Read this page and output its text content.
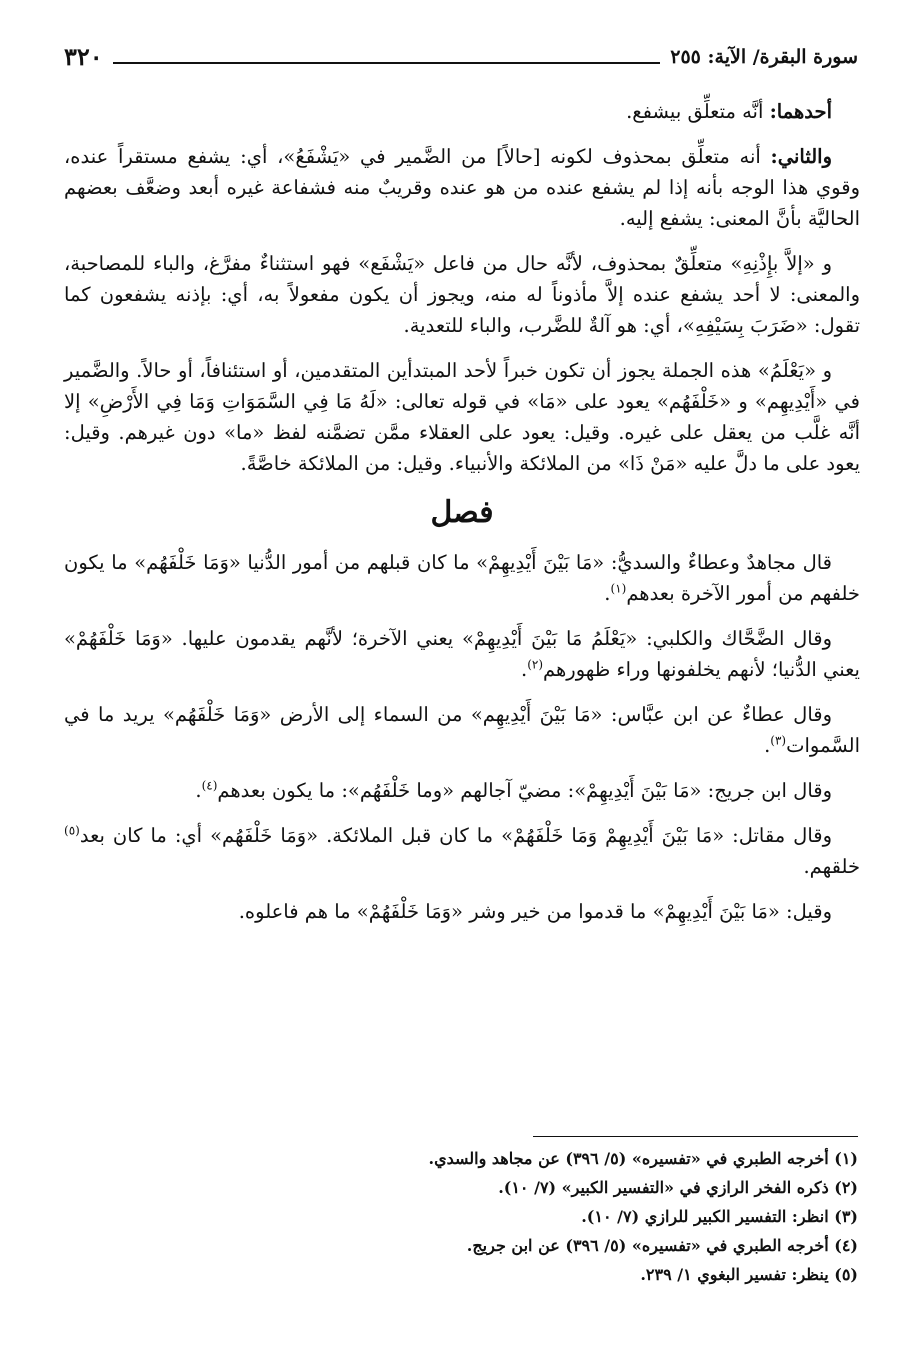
سورة البقرة/ الآية: ٢٥٥
٣٢٠

أحدهما: أنَّه متعلِّق بيشفع.

والثاني: أنه متعلِّق بمحذوف لكونه [حالاً] من الضَّمير في «يَشْفَعُ»، أي: يشفع مستقراً عنده، وقوي هذا الوجه بأنه إذا لم يشفع عنده من هو عنده وقريبٌ منه فشفاعة غيره أبعد وضعَّف بعضهم الحاليَّة بأنَّ المعنى: يشفع إليه.

و «إلاَّ بإِذْنِهِ» متعلِّقٌ بمحذوف، لأنَّه حال من فاعل «يَشْفَع» فهو استثناءٌ مفرَّغ، والباء للمصاحبة، والمعنى: لا أحد يشفع عنده إلاَّ مأذوناً له منه، ويجوز أن يكون مفعولاً به، أي: بإذنه يشفعون كما تقول: «ضَرَبَ بِسَيْفِهِ»، أي: هو آلةٌ للضَّرب، والباء للتعدية.

و «يَعْلَمُ» هذه الجملة يجوز أن تكون خبراً لأحد المبتدأين المتقدمين، أو استئنافاً، أو حالاً. والضَّمير في «أَيْدِيهِم» و «خَلْفَهُم» يعود على «مَا» في قوله تعالى: «لَهُ مَا فِي السَّمَوَاتِ وَمَا فِي الأَرْضِ» إلا أنَّه غلَّب من يعقل على غيره. وقيل: يعود على العقلاء ممَّن تضمَّنه لفظ «ما» دون غيرهم. وقيل: يعود على ما دلَّ عليه «مَنْ ذَا» من الملائكة والأنبياء. وقيل: من الملائكة خاصَّةً.

فصل

قال مجاهدٌ وعطاءٌ والسديُّ: «مَا بَيْنَ أَيْدِيهِمْ» ما كان قبلهم من أمور الدُّنيا «وَمَا خَلْفَهُم» ما يكون خلفهم من أمور الآخرة بعدهم$^{(١)}$.

وقال الضَّحَّاك والكلبي: «يَعْلَمُ مَا بَيْنَ أَيْدِيهِمْ» يعني الآخرة؛ لأنَّهم يقدمون عليها. «وَمَا خَلْفَهُمْ» يعني الدُّنيا؛ لأنهم يخلفونها وراء ظهورهم$^{(٢)}$.

وقال عطاءٌ عن ابن عبَّاس: «مَا بَيْنَ أَيْدِيهِم» من السماء إلى الأرض «وَمَا خَلْفَهُم» يريد ما في السَّموات$^{(٣)}$.

وقال ابن جريج: «مَا بَيْنَ أَيْدِيهِمْ»: مضيّ آجالهم «وما خَلْفَهُم»: ما يكون بعدهم$^{(٤)}$.

وقال مقاتل: «مَا بَيْنَ أَيْدِيهِمْ وَمَا خَلْفَهُمْ» ما كان قبل الملائكة. «وَمَا خَلْفَهُم» أي: ما كان بعد$^{(٥)}$ خلقهم.

وقيل: «مَا بَيْنَ أَيْدِيهِمْ» ما قدموا من خير وشر «وَمَا خَلْفَهُمْ» ما هم فاعلوه.

(١) أخرجه الطبري في «تفسيره» (٥/ ٣٩٦) عن مجاهد والسدي.

(٢) ذكره الفخر الرازي في «التفسير الكبير» (٧/ ١٠).

(٣) انظر: التفسير الكبير للرازي (٧/ ١٠).

(٤) أخرجه الطبري في «تفسيره» (٥/ ٣٩٦) عن ابن جريج.

(٥) ينظر: تفسير البغوي ١/ ٢٣٩.
